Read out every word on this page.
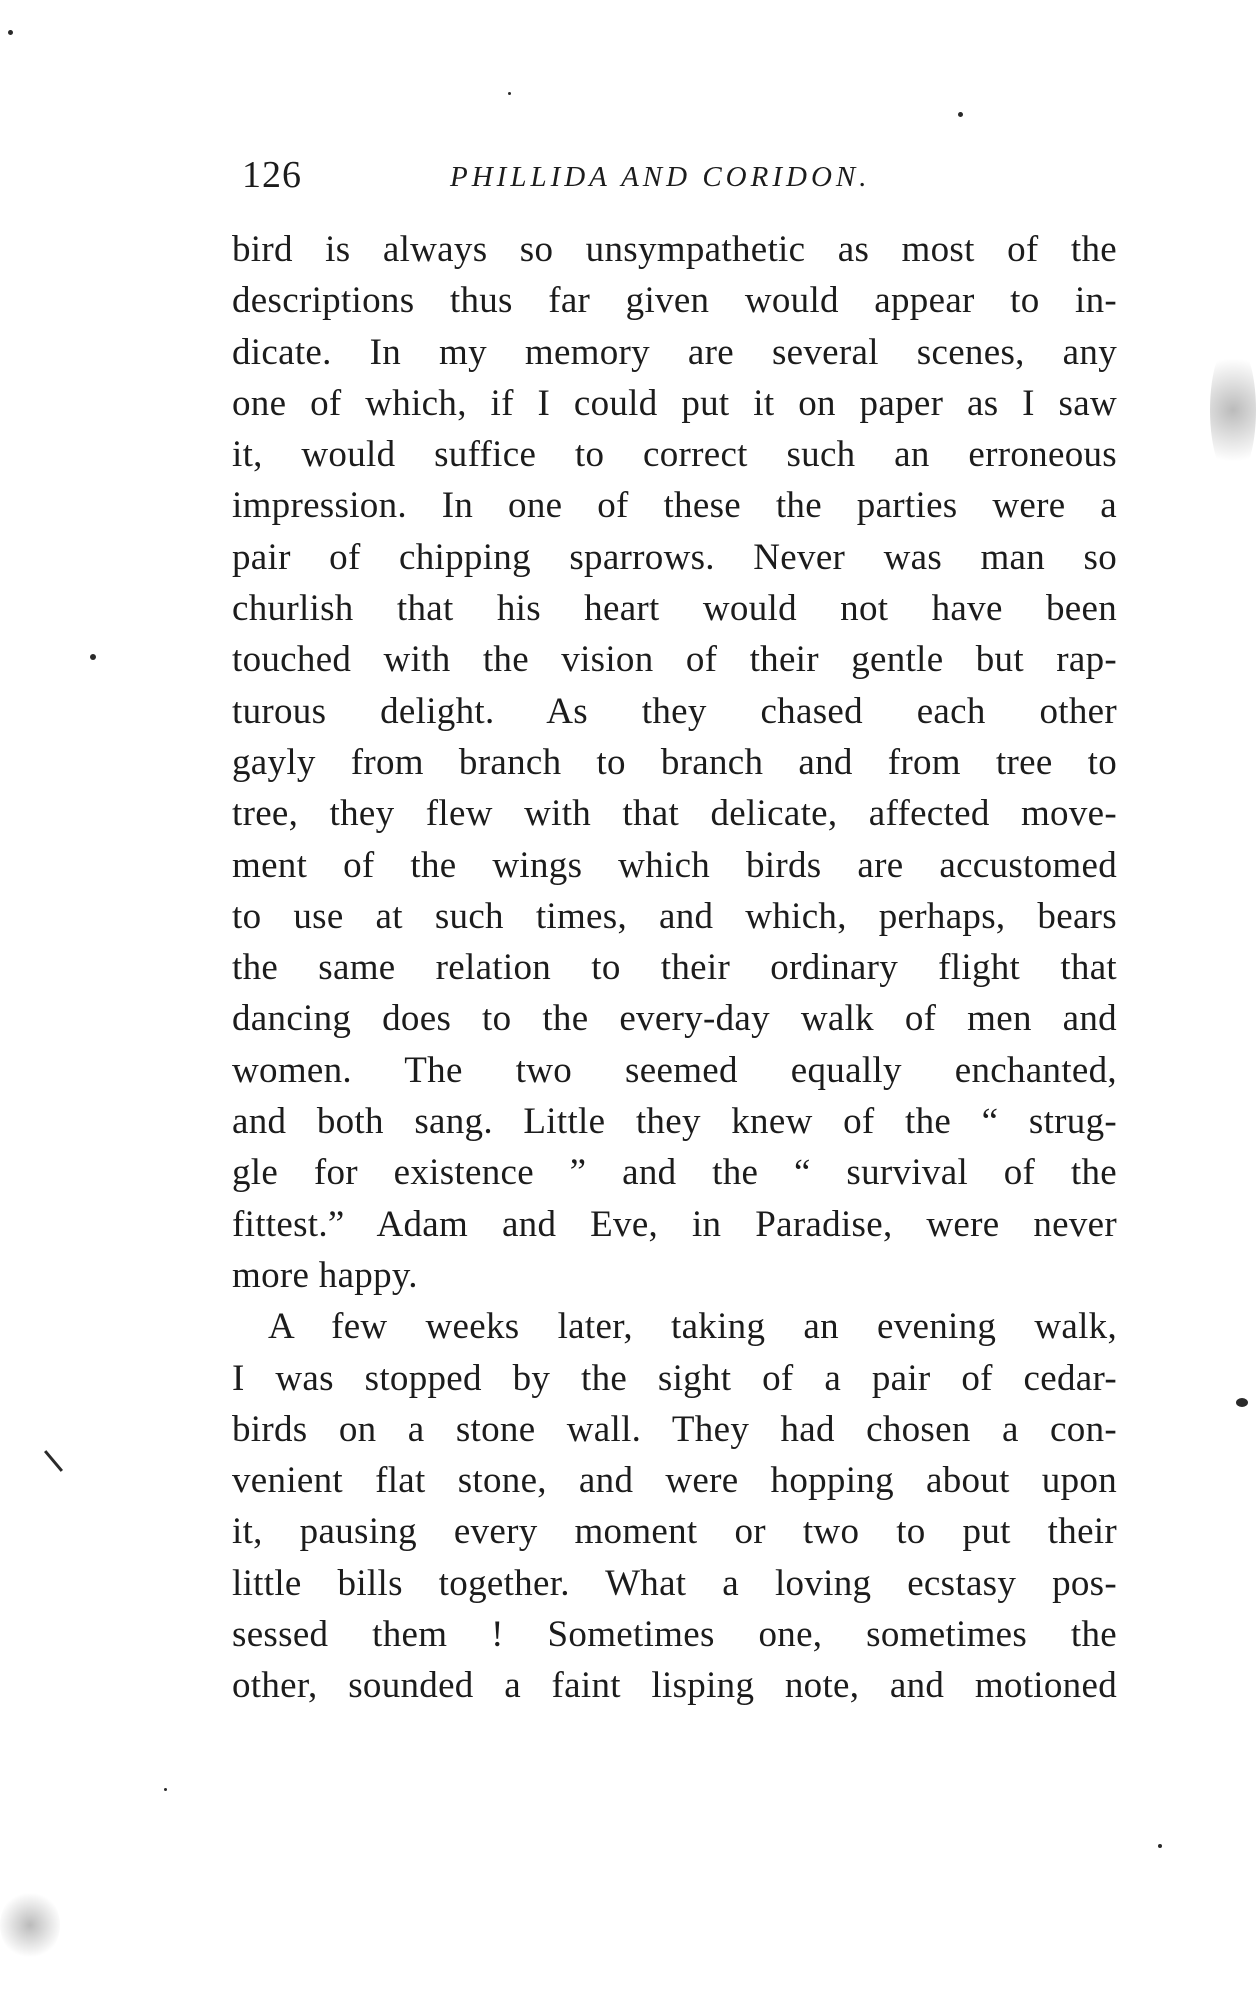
126	PHILLIDA AND CORIDON.
bird is always so unsympathetic as most of the
descriptions thus far given would appear to in-
dicate. In my memory are several scenes, any
one of which, if I could put it on paper as I saw
it, would suffice to correct such an erroneous
impression. In one of these the parties were a
pair of chipping sparrows. Never was man so
churlish that his heart would not have been
touched with the vision of their gentle but rap-
turous delight. As they chased each other
gayly from branch to branch and from tree to
tree, they flew with that delicate, affected move-
ment of the wings which birds are accustomed
to use at such times, and which, perhaps, bears
the same relation to their ordinary flight that
dancing does to the every-day walk of men and
women. The two seemed equally enchanted,
and both sang. Little they knew of the “ strug-
gle for existence ” and the “ survival of the
fittest.” Adam and Eve, in Paradise, were never
more happy.
A few weeks later, taking an evening walk,
I was stopped by the sight of a pair of cedar-
birds on a stone wall. They had chosen a con-
venient flat stone, and were hopping about upon
it, pausing every moment or two to put their
little bills together. What a loving ecstasy pos-
sessed them ! Sometimes one, sometimes the
other, sounded a faint lisping note, and motioned
